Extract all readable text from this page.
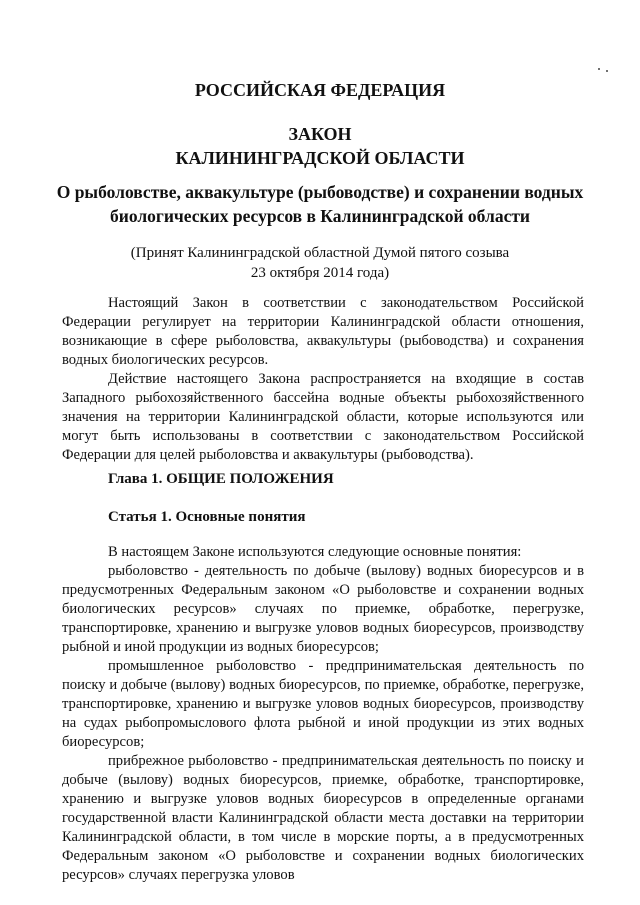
РОССИЙСКАЯ ФЕДЕРАЦИЯ
ЗАКОН
КАЛИНИНГРАДСКОЙ ОБЛАСТИ
О рыболовстве, аквакультуре (рыбоводстве) и сохранении водных
биологических ресурсов в Калининградской области
(Принят Калининградской областной Думой пятого созыва
23 октября 2014 года)

Настоящий Закон в соответствии с законодательством Российской Федерации регулирует на территории Калининградской области отношения, возникающие в сфере рыболовства, аквакультуры (рыбоводства) и сохранения водных биологических ресурсов.

Действие настоящего Закона распространяется на входящие в состав Западного рыбохозяйственного бассейна водные объекты рыбохозяйственного значения на территории Калининградской области, которые используются или могут быть использованы в соответствии с законодательством Российской Федерации для целей рыболовства и аквакультуры (рыбоводства).

Глава 1. ОБЩИЕ ПОЛОЖЕНИЯ
Статья 1. Основные понятия

В настоящем Законе используются следующие основные понятия:

рыболовство - деятельность по добыче (вылову) водных биоресурсов и в предусмотренных Федеральным законом «О рыболовстве и сохранении водных биологических ресурсов» случаях по приемке, обработке, перегрузке, транспортировке, хранению и выгрузке уловов водных биоресурсов, производству рыбной и иной продукции из водных биоресурсов;

промышленное рыболовство - предпринимательская деятельность по поиску и добыче (вылову) водных биоресурсов, по приемке, обработке, перегрузке, транспортировке, хранению и выгрузке уловов водных биоресурсов, производству на судах рыбопромыслового флота рыбной и иной продукции из этих водных биоресурсов;

прибрежное рыболовство - предпринимательская деятельность по поиску и добыче (вылову) водных биоресурсов, приемке, обработке, транспортировке, хранению и выгрузке уловов водных биоресурсов в определенные органами государственной власти Калининградской области места доставки на территории Калининградской области, в том числе в морские порты, а в предусмотренных Федеральным законом «О рыболовстве и сохранении водных биологических ресурсов» случаях перегрузка уловов
